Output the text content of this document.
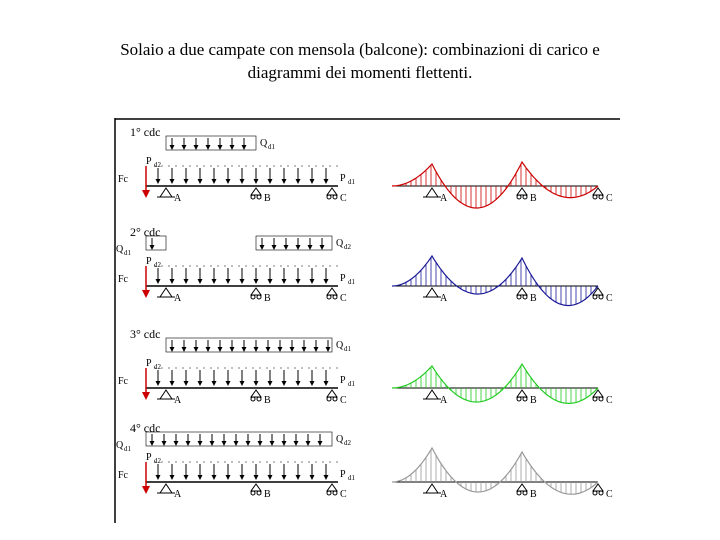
Solaio a due campate con mensola (balcone): combinazioni di carico e
diagrammi dei momenti flettenti.
1° cdc
Fc
A	B	C
Q d1
P d2
P d1
A	B	C
2° cdc
Fc
A	B	C
Q d2
Q d1
P d2
P d1
A	B	C
3° cdc
Fc
A	B	C
Q d1
P d2
P d1
A	B	C
4° cdc
Fc
A	B	C
Q d2
Q d1
P d2
P d1
A	B	C
